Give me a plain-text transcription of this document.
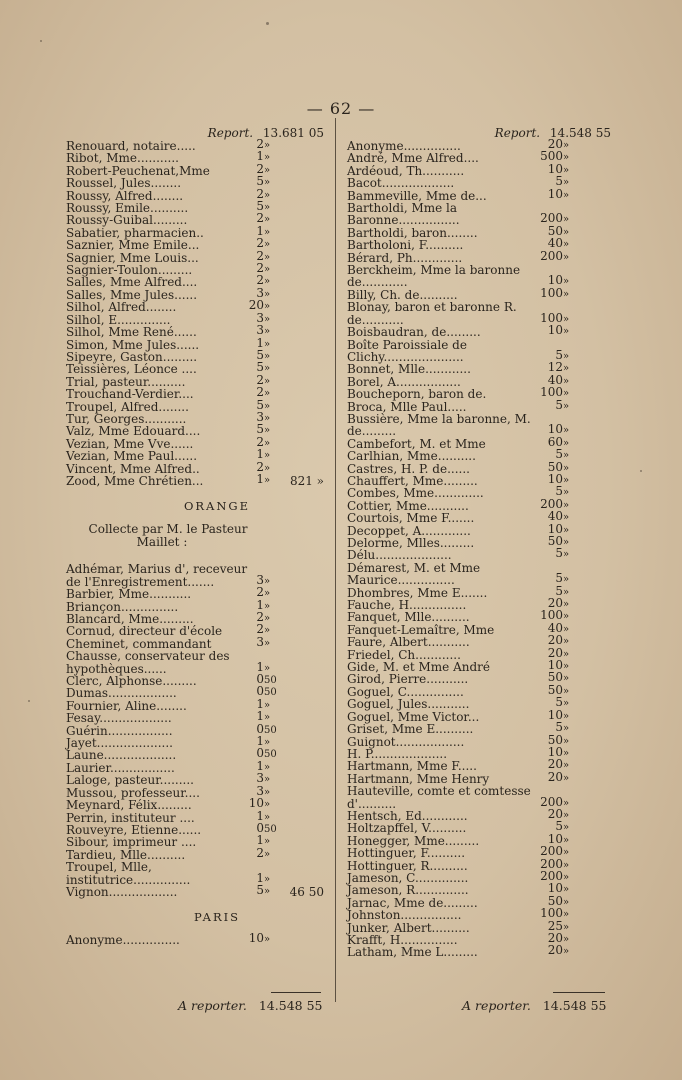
— 62 —
Report. 13.681 05
Renouard, notaire.....	2»
Ribot, Mme...........	1»
Robert-Peuchenat,Mme	2»
Roussel, Jules........	5»
Roussy, Alfred........	2»
Roussy, Emile..........	5»
Roussy-Guibal.........	2»
Sabatier, pharmacien..	1»
Saznier, Mme Emile...	2»
Sagnier, Mme Louis...	2»
Sagnier-Toulon.........	2»
Salles, Mme Alfred....	2»
Salles, Mme Jules......	3»
Silhol, Alfred........	20»
Silhol, E..............	3»
Silhol, Mme René......	3»
Simon, Mme Jules......	1»
Sipeyre, Gaston.........	5»
Teissières, Léonce ....	5»
Trial, pasteur..........	2»
Trouchand-Verdier....	2»
Troupel, Alfred........	5»
Tur, Georges...........	3»
Valz, Mme Edouard....	5»
Vezian, Mme Vve......	2»
Vezian, Mme Paul......	1»
Vincent, Mme Alfred..	2»
Zood, Mme Chrétien...	1»	821 »
ORANGE
Collecte par M. le Pasteur Maillet :
Adhémar, Marius d', receveur de l'Enregistrement.......	3»
Barbier, Mme...........	2»
Briançon...............	1»
Blancard, Mme.........	2»
Cornud, directeur d'école	2»
Cheminet, commandant	3»
Chausse, conservateur des hypothèques......	1»
Clerc, Alphonse.........	050
Dumas..................	050
Fournier, Aline........	1»
Fesay...................	1»
Guérin.................	050
Jayet....................	1»
Laune...................	050
Laurier.................	1»
Laloge, pasteur.........	3»
Mussou, professeur....	3»
Meynard, Félix.........	10»
Perrin, instituteur ....	1»
Rouveyre, Etienne......	050
Sibour, imprimeur ....	1»
Tardieu, Mlle..........	2»
Troupel, Mlle, institutrice...............	1»
Vignon..................	5»	46 50
PARIS
Anonyme...............	10»
Report. 14.548 55
Anonyme...............	20»
André, Mme Alfred....	500»
Ardéoud, Th...........	10»
Bacot...................	5»
Bammeville, Mme de...	10»
Bartholdi, Mme la Baronne................	200»
Bartholdi, baron........	50»
Bartholoni, F..........	40»
Bérard, Ph.............	200»
Berckheim, Mme la baronne de............	10»
Billy, Ch. de..........	100»
Blonay, baron et baronne R. de...........	100»
Boisbaudran, de.........	10»
Boîte Paroissiale de Clichy.....................	5»
Bonnet, Mlle............	12»
Borel, A.................	40»
Boucheporn, baron de.	100»
Broca, Mlle Paul.....	5»
Bussière, Mme la baronne, M. de.........	10»
Cambefort, M. et Mme	60»
Carlhian, Mme..........	5»
Castres, H. P. de......	50»
Chauffert, Mme.........	10»
Combes, Mme.............	5»
Cottier, Mme...........	200»
Courtois, Mme F.......	40»
Decoppet, A.............	10»
Delorme, Mlles.........	50»
Délu....................	5»
Démarest, M. et Mme Maurice...............	5»
Dhombres, Mme E.......	5»
Fauche, H...............	20»
Fanquet, Mlle..........	100»
Fanquet-Lemaître, Mme	40»
Faure, Albert...........	20»
Friedel, Ch............	20»
Gide, M. et Mme André	10»
Girod, Pierre...........	50»
Goguel, C...............	50»
Goguel, Jules...........	5»
Goguel, Mme Victor...	10»
Griset, Mme E..........	5»
Guignot..................	50»
H. P....................	10»
Hartmann, Mme F.....	20»
Hartmann, Mme Henry	20»
Hauteville, comte et comtesse d'..........	200»
Hentsch, Ed............	20»
Holtzapffel, V..........	5»
Honegger, Mme.........	10»
Hottinguer, F..........	200»
Hottinguer, R..........	200»
Jameson, C..............	200»
Jameson, R..............	10»
Jarnac, Mme de.........	50»
Johnston................	100»
Junker, Albert..........	25»
Krafft, H...............	20»
Latham, Mme L.........	20»
A reporter. 14.548 55	A reporter. 14.548 55
